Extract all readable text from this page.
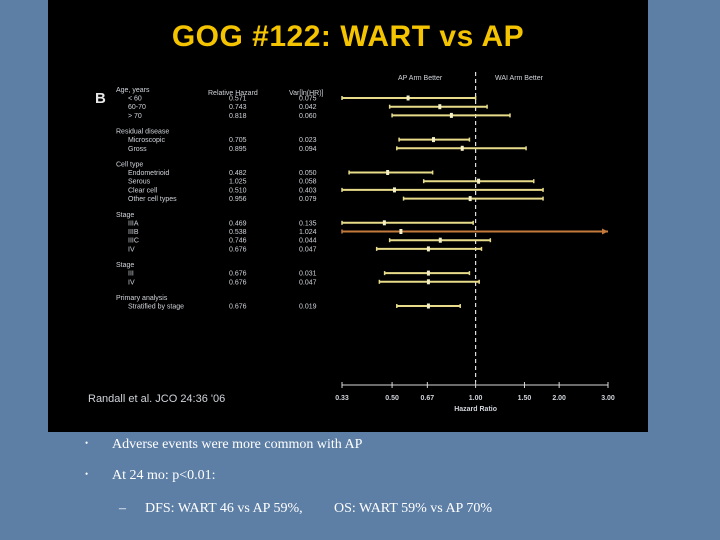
GOG #122: WART vs AP
B	Relative Hazard	Var[ln(HR)]
AP Arm Better	WAI Arm Better
Age, years
< 60	0.571	0.075
60-70	0.743	0.042
> 70	0.818	0.060
Residual disease
Microscopic	0.705	0.023
Gross	0.895	0.094
Cell type
Endometrioid	0.482	0.050
Serous	1.025	0.058
Clear cell	0.510	0.403
Other cell types	0.956	0.079
Stage
IIIA	0.469	0.135
IIIB	0.538	1.024
IIIC	0.746	0.044
IV	0.676	0.047
Stage
III	0.676	0.031
IV	0.676	0.047
Primary analysis
Stratified by stage	0.676	0.019
0.33	0.50	0.67	1.00	1.50	2.00	3.00
Hazard Ratio
Randall et al. JCO 24:36 '06
• Adverse events were more common with AP
• At 24 mo: p<0.01:
– DFS: WART 46 vs AP 59%, OS: WART 59% vs AP 70%
